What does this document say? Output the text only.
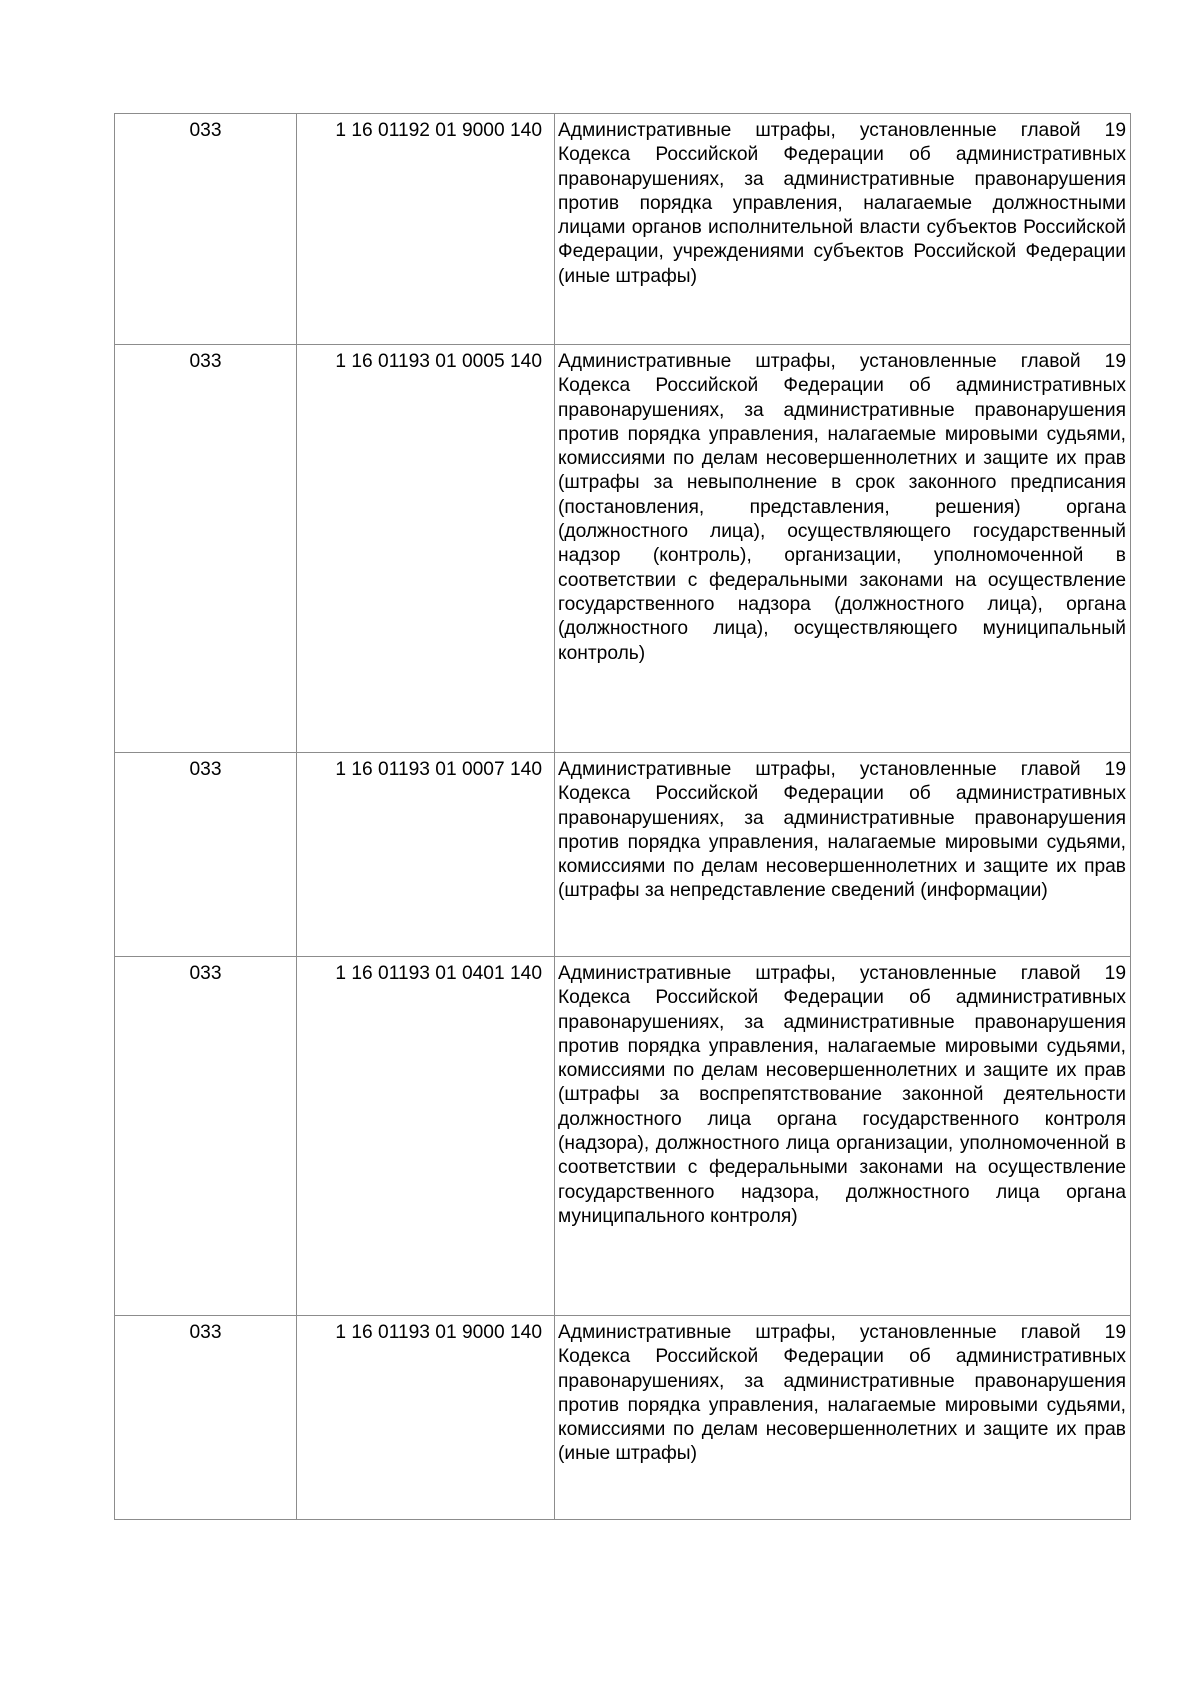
033	1 16 01192 01 9000 140	Административные штрафы, установленные главой 19 Кодекса Российской Федерации об административных правонарушениях, за административные правонарушения против порядка управления, налагаемые должностными лицами органов исполнительной власти субъектов Российской Федерации, учреждениями субъектов Российской Федерации (иные штрафы)
033	1 16 01193 01 0005 140	Административные штрафы, установленные главой 19 Кодекса Российской Федерации об административных правонарушениях, за административные правонарушения против порядка управления, налагаемые мировыми судьями, комиссиями по делам несовершеннолетних и защите их прав (штрафы за невыполнение в срок законного предписания (постановления, представления, решения) органа (должностного лица), осуществляющего государственный надзор (контроль), организации, уполномоченной в соответствии с федеральными законами на осуществление государственного надзора (должностного лица), органа (должностного лица), осуществляющего муниципальный контроль)
033	1 16 01193 01 0007 140	Административные штрафы, установленные главой 19 Кодекса Российской Федерации об административных правонарушениях, за административные правонарушения против порядка управления, налагаемые мировыми судьями, комиссиями по делам несовершеннолетних и защите их прав (штрафы за непредставление сведений (информации)
033	1 16 01193 01 0401 140	Административные штрафы, установленные главой 19 Кодекса Российской Федерации об административных правонарушениях, за административные правонарушения против порядка управления, налагаемые мировыми судьями, комиссиями по делам несовершеннолетних и защите их прав (штрафы за воспрепятствование законной деятельности должностного лица органа государственного контроля (надзора), должностного лица организации, уполномоченной в соответствии с федеральными законами на осуществление государственного надзора, должностного лица органа муниципального контроля)
033	1 16 01193 01 9000 140	Административные штрафы, установленные главой 19 Кодекса Российской Федерации об административных правонарушениях, за административные правонарушения против порядка управления, налагаемые мировыми судьями, комиссиями по делам несовершеннолетних и защите их прав (иные штрафы)
